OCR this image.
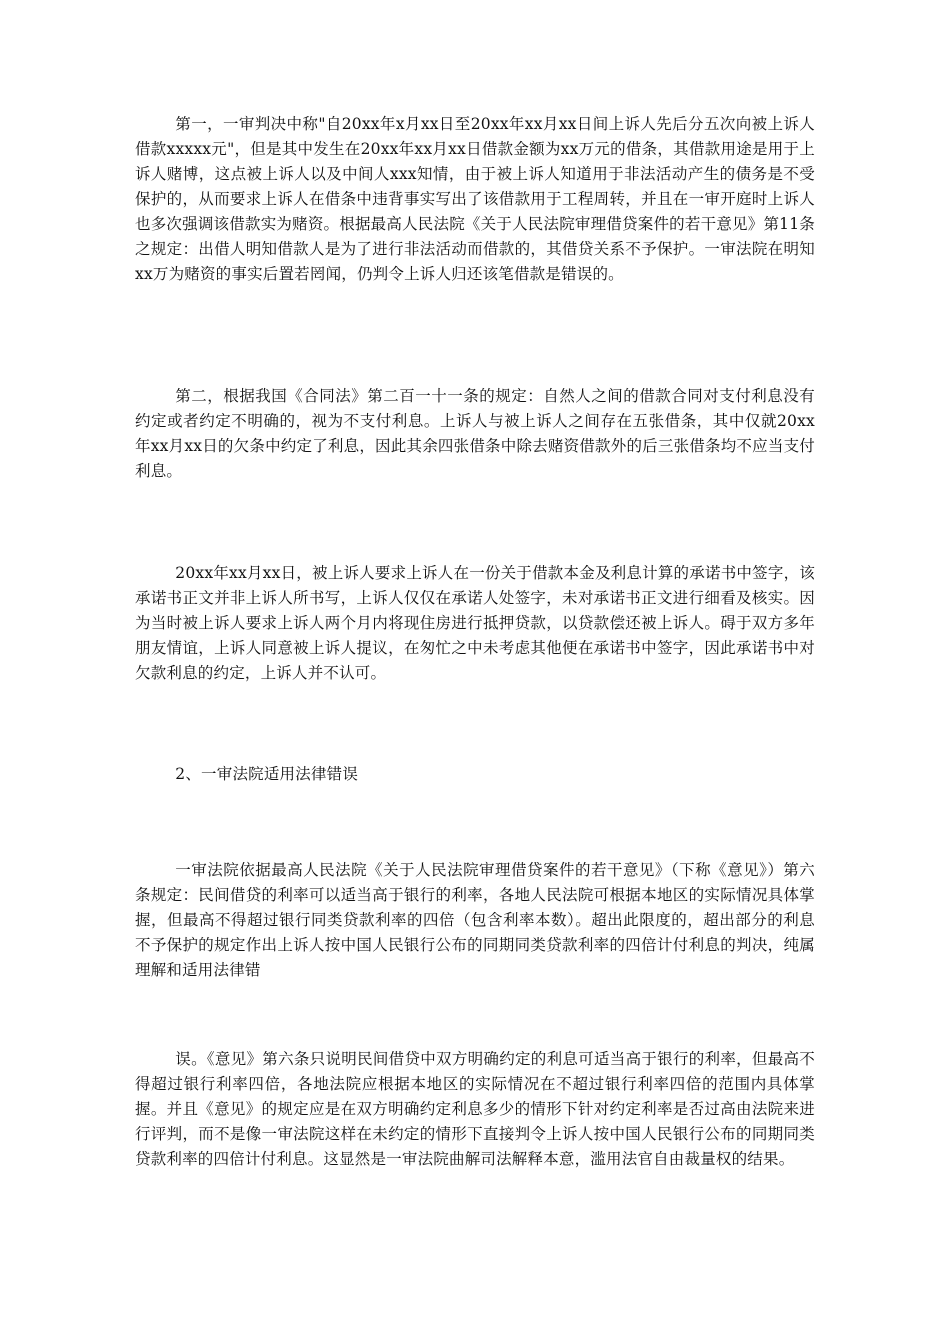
第一，一审判决中称"自20xx年x月xx日至20xx年xx月xx日间上诉人先后分五次向被上诉人借款xxxxx元"，但是其中发生在20xx年xx月xx日借款金额为xx万元的借条，其借款用途是用于上诉人赌博，这点被上诉人以及中间人xxx知情，由于被上诉人知道用于非法活动产生的债务是不受保护的，从而要求上诉人在借条中违背事实写出了该借款用于工程周转，并且在一审开庭时上诉人也多次强调该借款实为赌资。根据最高人民法院《关于人民法院审理借贷案件的若干意见》第11条之规定：出借人明知借款人是为了进行非法活动而借款的，其借贷关系不予保护。一审法院在明知xx万为赌资的事实后置若罔闻，仍判令上诉人归还该笔借款是错误的。

第二，根据我国《合同法》第二百一十一条的规定：自然人之间的借款合同对支付利息没有约定或者约定不明确的，视为不支付利息。上诉人与被上诉人之间存在五张借条，其中仅就20xx年xx月xx日的欠条中约定了利息，因此其余四张借条中除去赌资借款外的后三张借条均不应当支付利息。

20xx年xx月xx日，被上诉人要求上诉人在一份关于借款本金及利息计算的承诺书中签字，该承诺书正文并非上诉人所书写，上诉人仅仅在承诺人处签字，未对承诺书正文进行细看及核实。因为当时被上诉人要求上诉人两个月内将现住房进行抵押贷款，以贷款偿还被上诉人。碍于双方多年朋友情谊，上诉人同意被上诉人提议，在匆忙之中未考虑其他便在承诺书中签字，因此承诺书中对欠款利息的约定，上诉人并不认可。

2、一审法院适用法律错误

一审法院依据最高人民法院《关于人民法院审理借贷案件的若干意见》（下称《意见》）第六条规定：民间借贷的利率可以适当高于银行的利率，各地人民法院可根据本地区的实际情况具体掌握，但最高不得超过银行同类贷款利率的四倍（包含利率本数）。超出此限度的，超出部分的利息不予保护的规定作出上诉人按中国人民银行公布的同期同类贷款利率的四倍计付利息的判决，纯属理解和适用法律错

误。《意见》第六条只说明民间借贷中双方明确约定的利息可适当高于银行的利率，但最高不得超过银行利率四倍，各地法院应根据本地区的实际情况在不超过银行利率四倍的范围内具体掌握。并且《意见》的规定应是在双方明确约定利息多少的情形下针对约定利率是否过高由法院来进行评判，而不是像一审法院这样在未约定的情形下直接判令上诉人按中国人民银行公布的同期同类贷款利率的四倍计付利息。这显然是一审法院曲解司法解释本意，滥用法官自由裁量权的结果。
